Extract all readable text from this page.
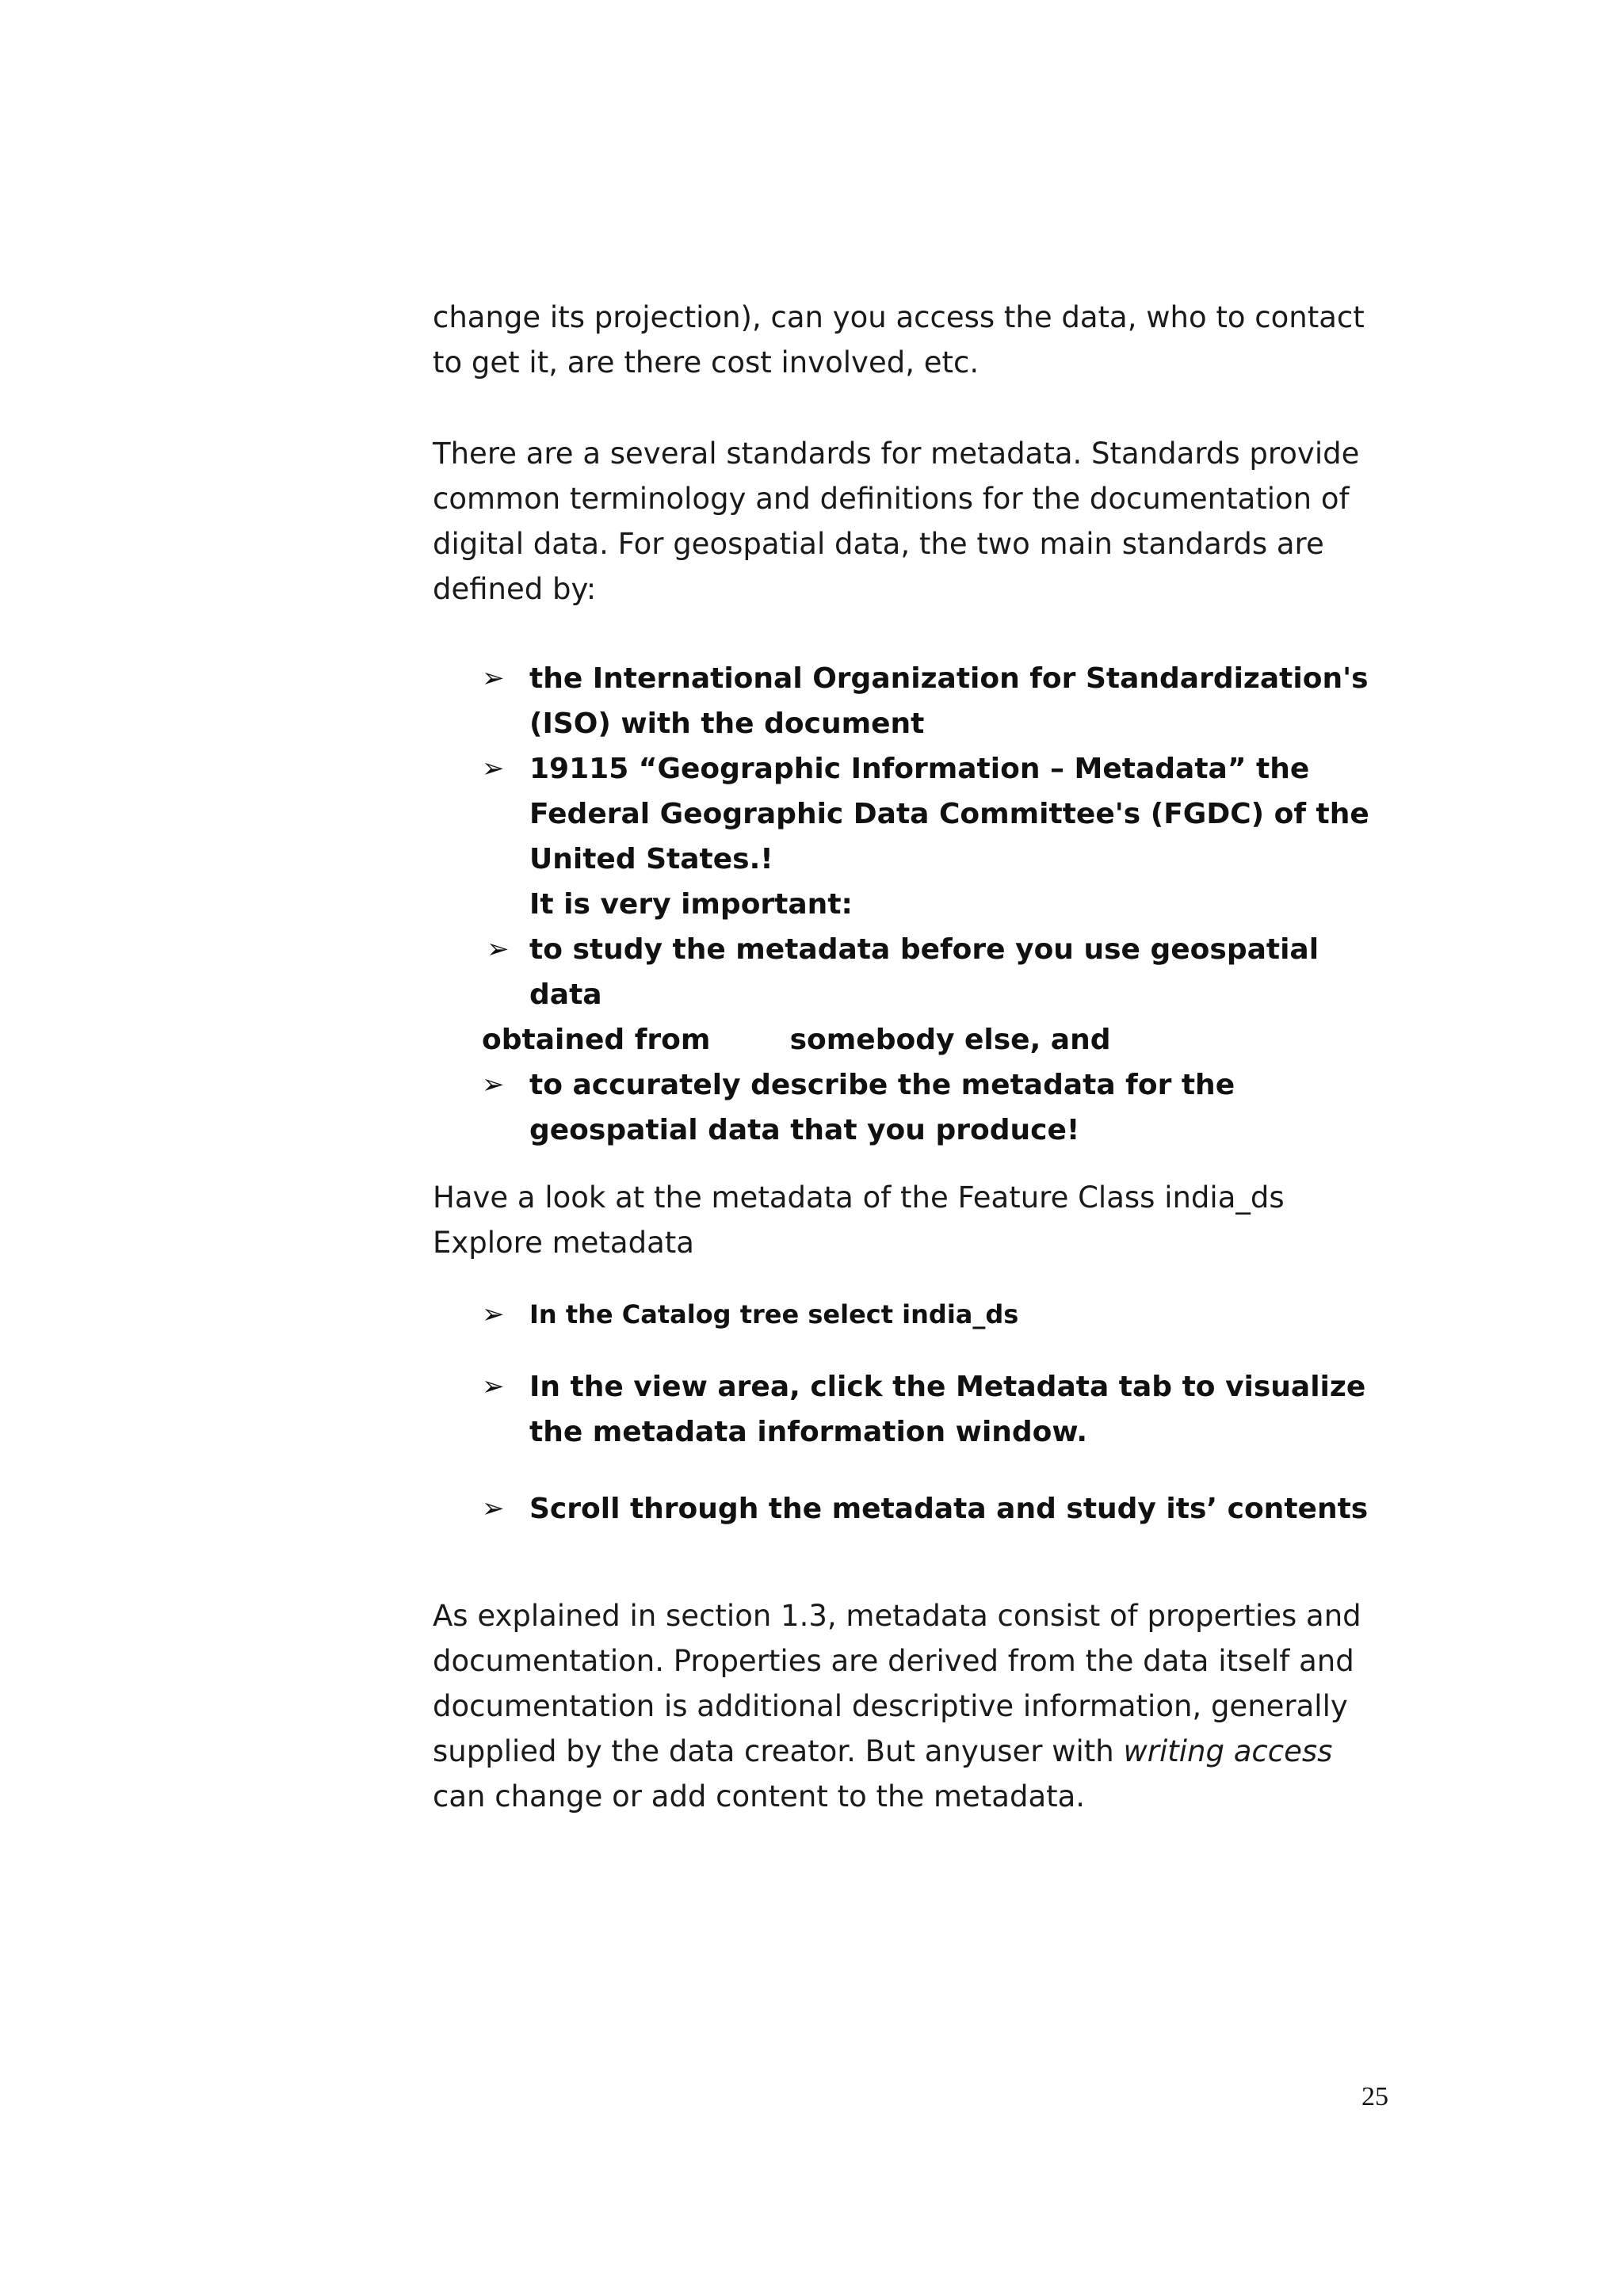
change its projection), can you access the data, who to contact to get it, are there cost involved, etc.

There are a several standards for metadata. Standards provide common terminology and definitions for the documentation of digital data. For geospatial data, the two main standards are defined by:

➢ the International Organization for Standardization's (ISO) with the document
➢ 19115 “Geographic Information – Metadata” the Federal Geographic Data Committee's (FGDC) of the United States.!
It is very important:
➢ to study the metadata before you use geospatial data
obtained from        somebody else, and
➢ to accurately describe the metadata for the geospatial data that you produce!

Have a look at the metadata of the Feature Class india_ds

Explore metadata

➢ In the Catalog tree select india_ds
➢ In the view area, click the Metadata tab to visualize the metadata information window.
➢ Scroll through the metadata and study its’ contents

As explained in section 1.3, metadata consist of properties and documentation. Properties are derived from the data itself and documentation is additional descriptive information, generally supplied by the data creator. But anyuser with writing access can change or add content to the metadata.

25
